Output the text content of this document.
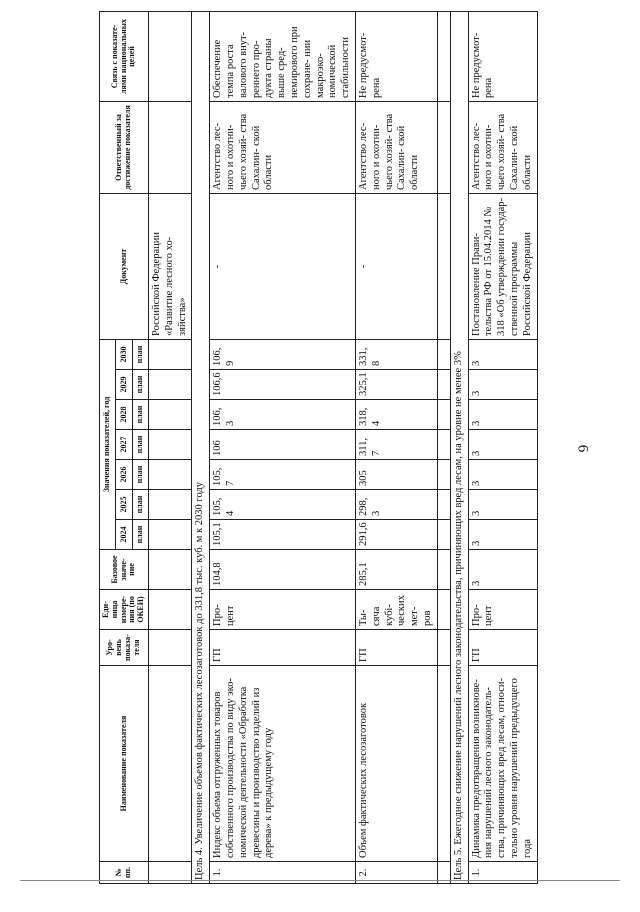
6
№ пп.	Наименование показателя	Уро- вень показа- теля	Еди- ница измере- ния (по ОКЕИ)	Базовое значе- ние	Значения показателей, год							Документ	Ответственный за достижение показателя	Связь с показате- лями национальных целей
					2024	2025	2026	2027	2028	2029	2030			
					план	план	план	план	план	план	план			
												Российской Федерации «Развитие лесного хо- зяйства»		
Цель 4. Увеличение объемов фактических лесозаготовок до 331,8 тыс. куб. м к 2030 году														
1.	Индекс объема отгруженных товаров собственного производства по виду эко- номической деятельности «Обработка древесины и производство изделий из дерева» к предыдущему году	ГП	Про- цент	104,8	105,1	105, 4	105, 7	106	106, 3	106,6	106, 9	-	Агентство лес- ного и охотни- чьего хозяй- ства Сахалин- ской области	Обеспечение темпа роста валового внут- реннего про- дукта страны выше сред- немирового при сохране- нии макроэко- номической стабильности
2.	Объем фактических лесозаготовок	ГП	Ты- сяча кубі- ческих мет- ров	285,1	291,6	298, 3	305	311, 7	318, 4	325,1	331, 8	-	Агентство лес- ного и охотни- чьего хозяй- ства Сахалин- ской области	Не предусмот- рена

Цель 5. Ежегодное снижение нарушений лесного законодательства, причиняющих вред лесам, на уровне не менее 3%														
1.	Динамика предотвращения возникнове- ния нарушений лесного законодатель- ства, причиняющих вред лесам, относи- тельно уровня нарушений предыдущего года	ГП	Про- цент	3	3	3	3	3	3	3	3	Постановление Прави- тельства РФ от 15.04.2014 № 318 «Об утверждении государ- ственной программы Российской Федерации	Агентство лес- ного и охотни- чьего хозяй- ства Сахалин- ской области	Не предусмот- рена
